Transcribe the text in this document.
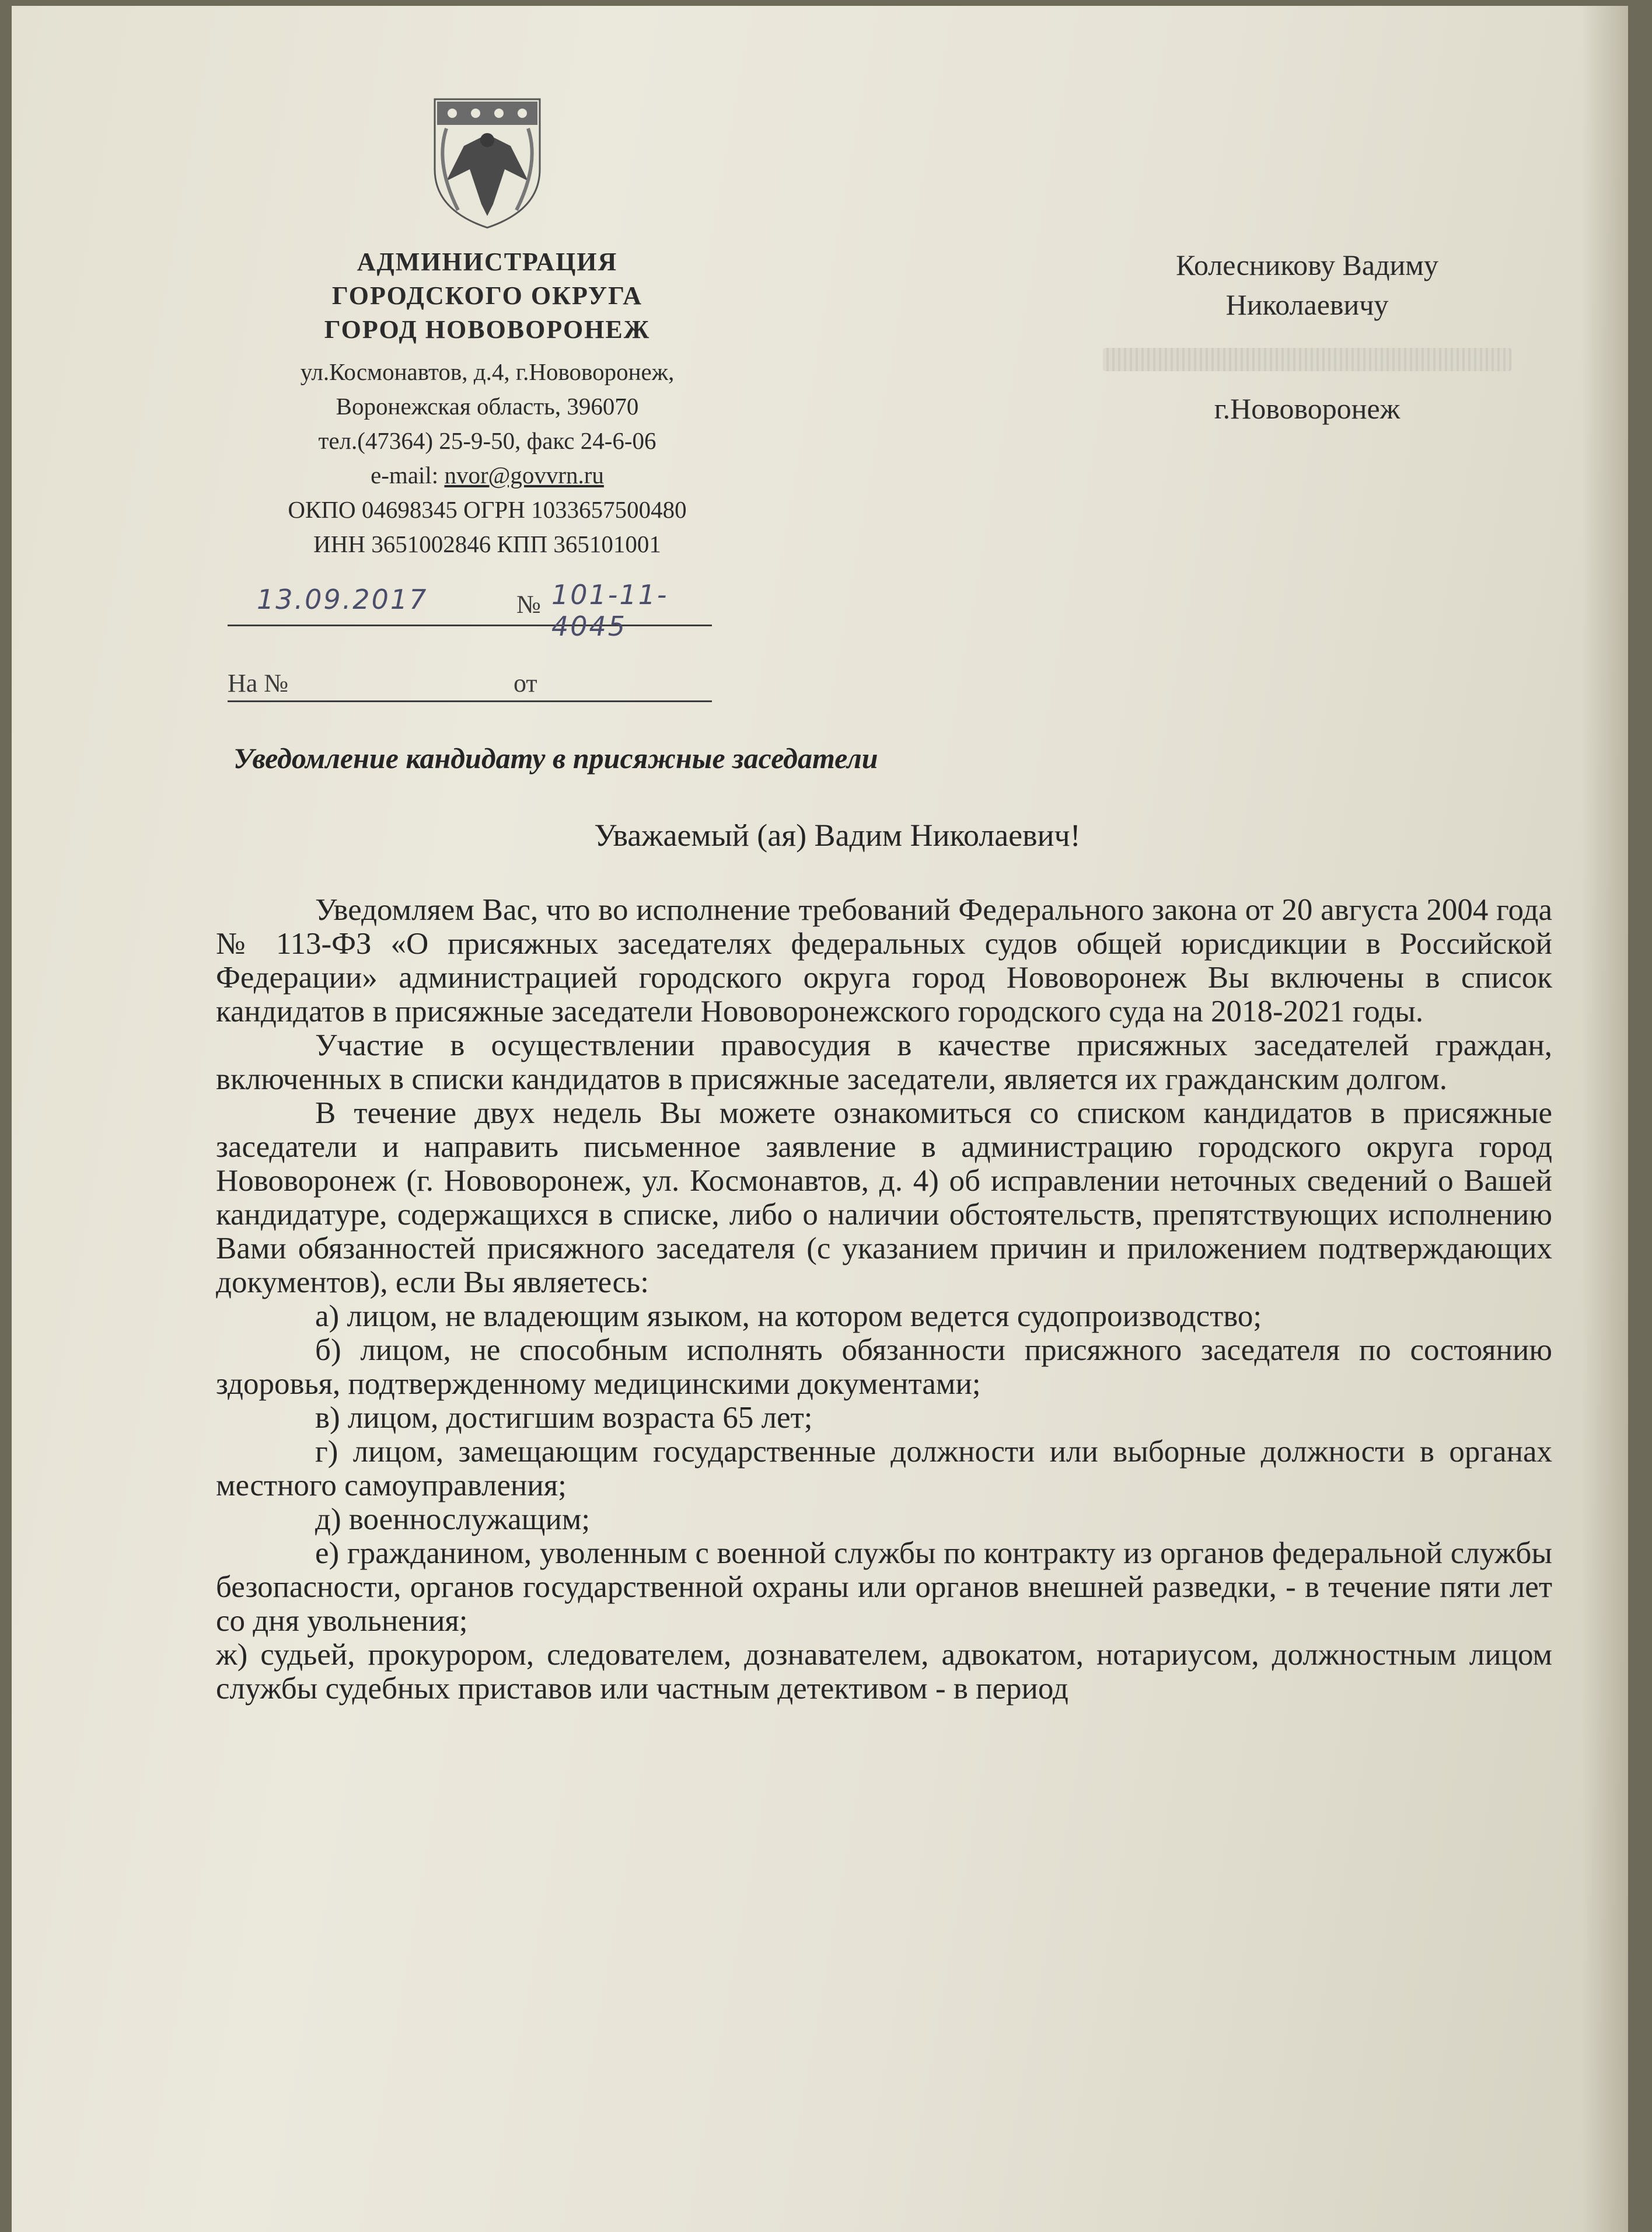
АДМИНИСТРАЦИЯ
ГОРОДСКОГО ОКРУГА
ГОРОД НОВОВОРОНЕЖ
ул.Космонавтов, д.4, г.Нововоронеж,
Воронежская область, 396070
тел.(47364) 25-9-50, факс 24-6-06
e-mail: nvor@govvrn.ru
ОКПО 04698345 ОГРН 1033657500480
ИНН 3651002846 КПП 365101001
Колесникову Вадиму
Николаевичу
г.Нововоронеж
13.09.2017	№ 101-11-4045
На №	от
Уведомление кандидату в присяжные заседатели
Уважаемый (ая) Вадим Николаевич!

Уведомляем Вас, что во исполнение требований Федерального закона от 20 августа 2004 года № 113-ФЗ «О присяжных заседателях федеральных судов общей юрисдикции в Российской Федерации» администрацией городского округа город Нововоронеж Вы включены в список кандидатов в присяжные заседатели Нововоронежского городского суда на 2018-2021 годы.

Участие в осуществлении правосудия в качестве присяжных заседателей граждан, включенных в списки кандидатов в присяжные заседатели, является их гражданским долгом.

В течение двух недель Вы можете ознакомиться со списком кандидатов в присяжные заседатели и направить письменное заявление в администрацию городского округа город Нововоронеж (г. Нововоронеж, ул. Космонавтов, д. 4) об исправлении неточных сведений о Вашей кандидатуре, содержащихся в списке, либо о наличии обстоятельств, препятствующих исполнению Вами обязанностей присяжного заседателя (с указанием причин и приложением подтверждающих документов), если Вы являетесь:

а) лицом, не владеющим языком, на котором ведется судопроизводство;

б) лицом, не способным исполнять обязанности присяжного заседателя по состоянию здоровья, подтвержденному медицинскими документами;

в) лицом, достигшим возраста 65 лет;

г) лицом, замещающим государственные должности или выборные должности в органах местного самоуправления;

д) военнослужащим;

е) гражданином, уволенным с военной службы по контракту из органов федеральной службы безопасности, органов государственной охраны или органов внешней разведки, - в течение пяти лет со дня увольнения;

ж) судьей, прокурором, следователем, дознавателем, адвокатом, нотариусом, должностным лицом службы судебных приставов или частным детективом - в период
